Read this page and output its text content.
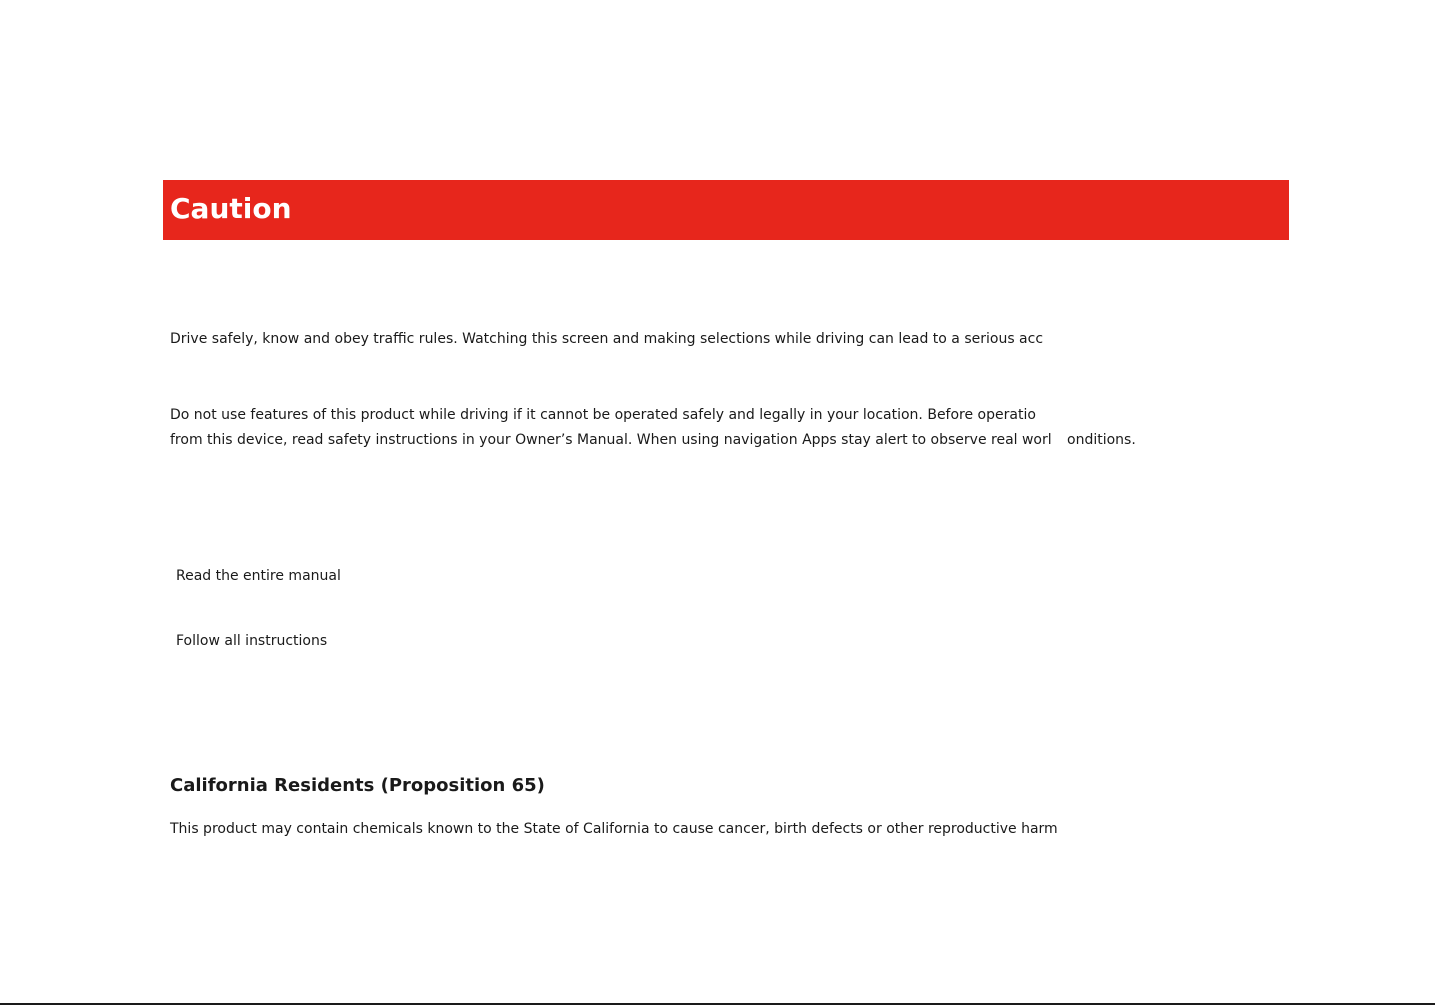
Caution

Drive safely, know and obey traffic rules. Watching this screen and making selections while driving can lead to a serious acc

Do not use features of this product while driving if it cannot be operated safely and legally in your location. Before operatio

from this device, read safety instructions in your Owner’s Manual. When using navigation Apps stay alert to observe real worl onditions.

Read the entire manual

Follow all instructions

California Residents (Proposition 65)

This product may contain chemicals known to the State of California to cause cancer, birth defects or other reproductive harm
